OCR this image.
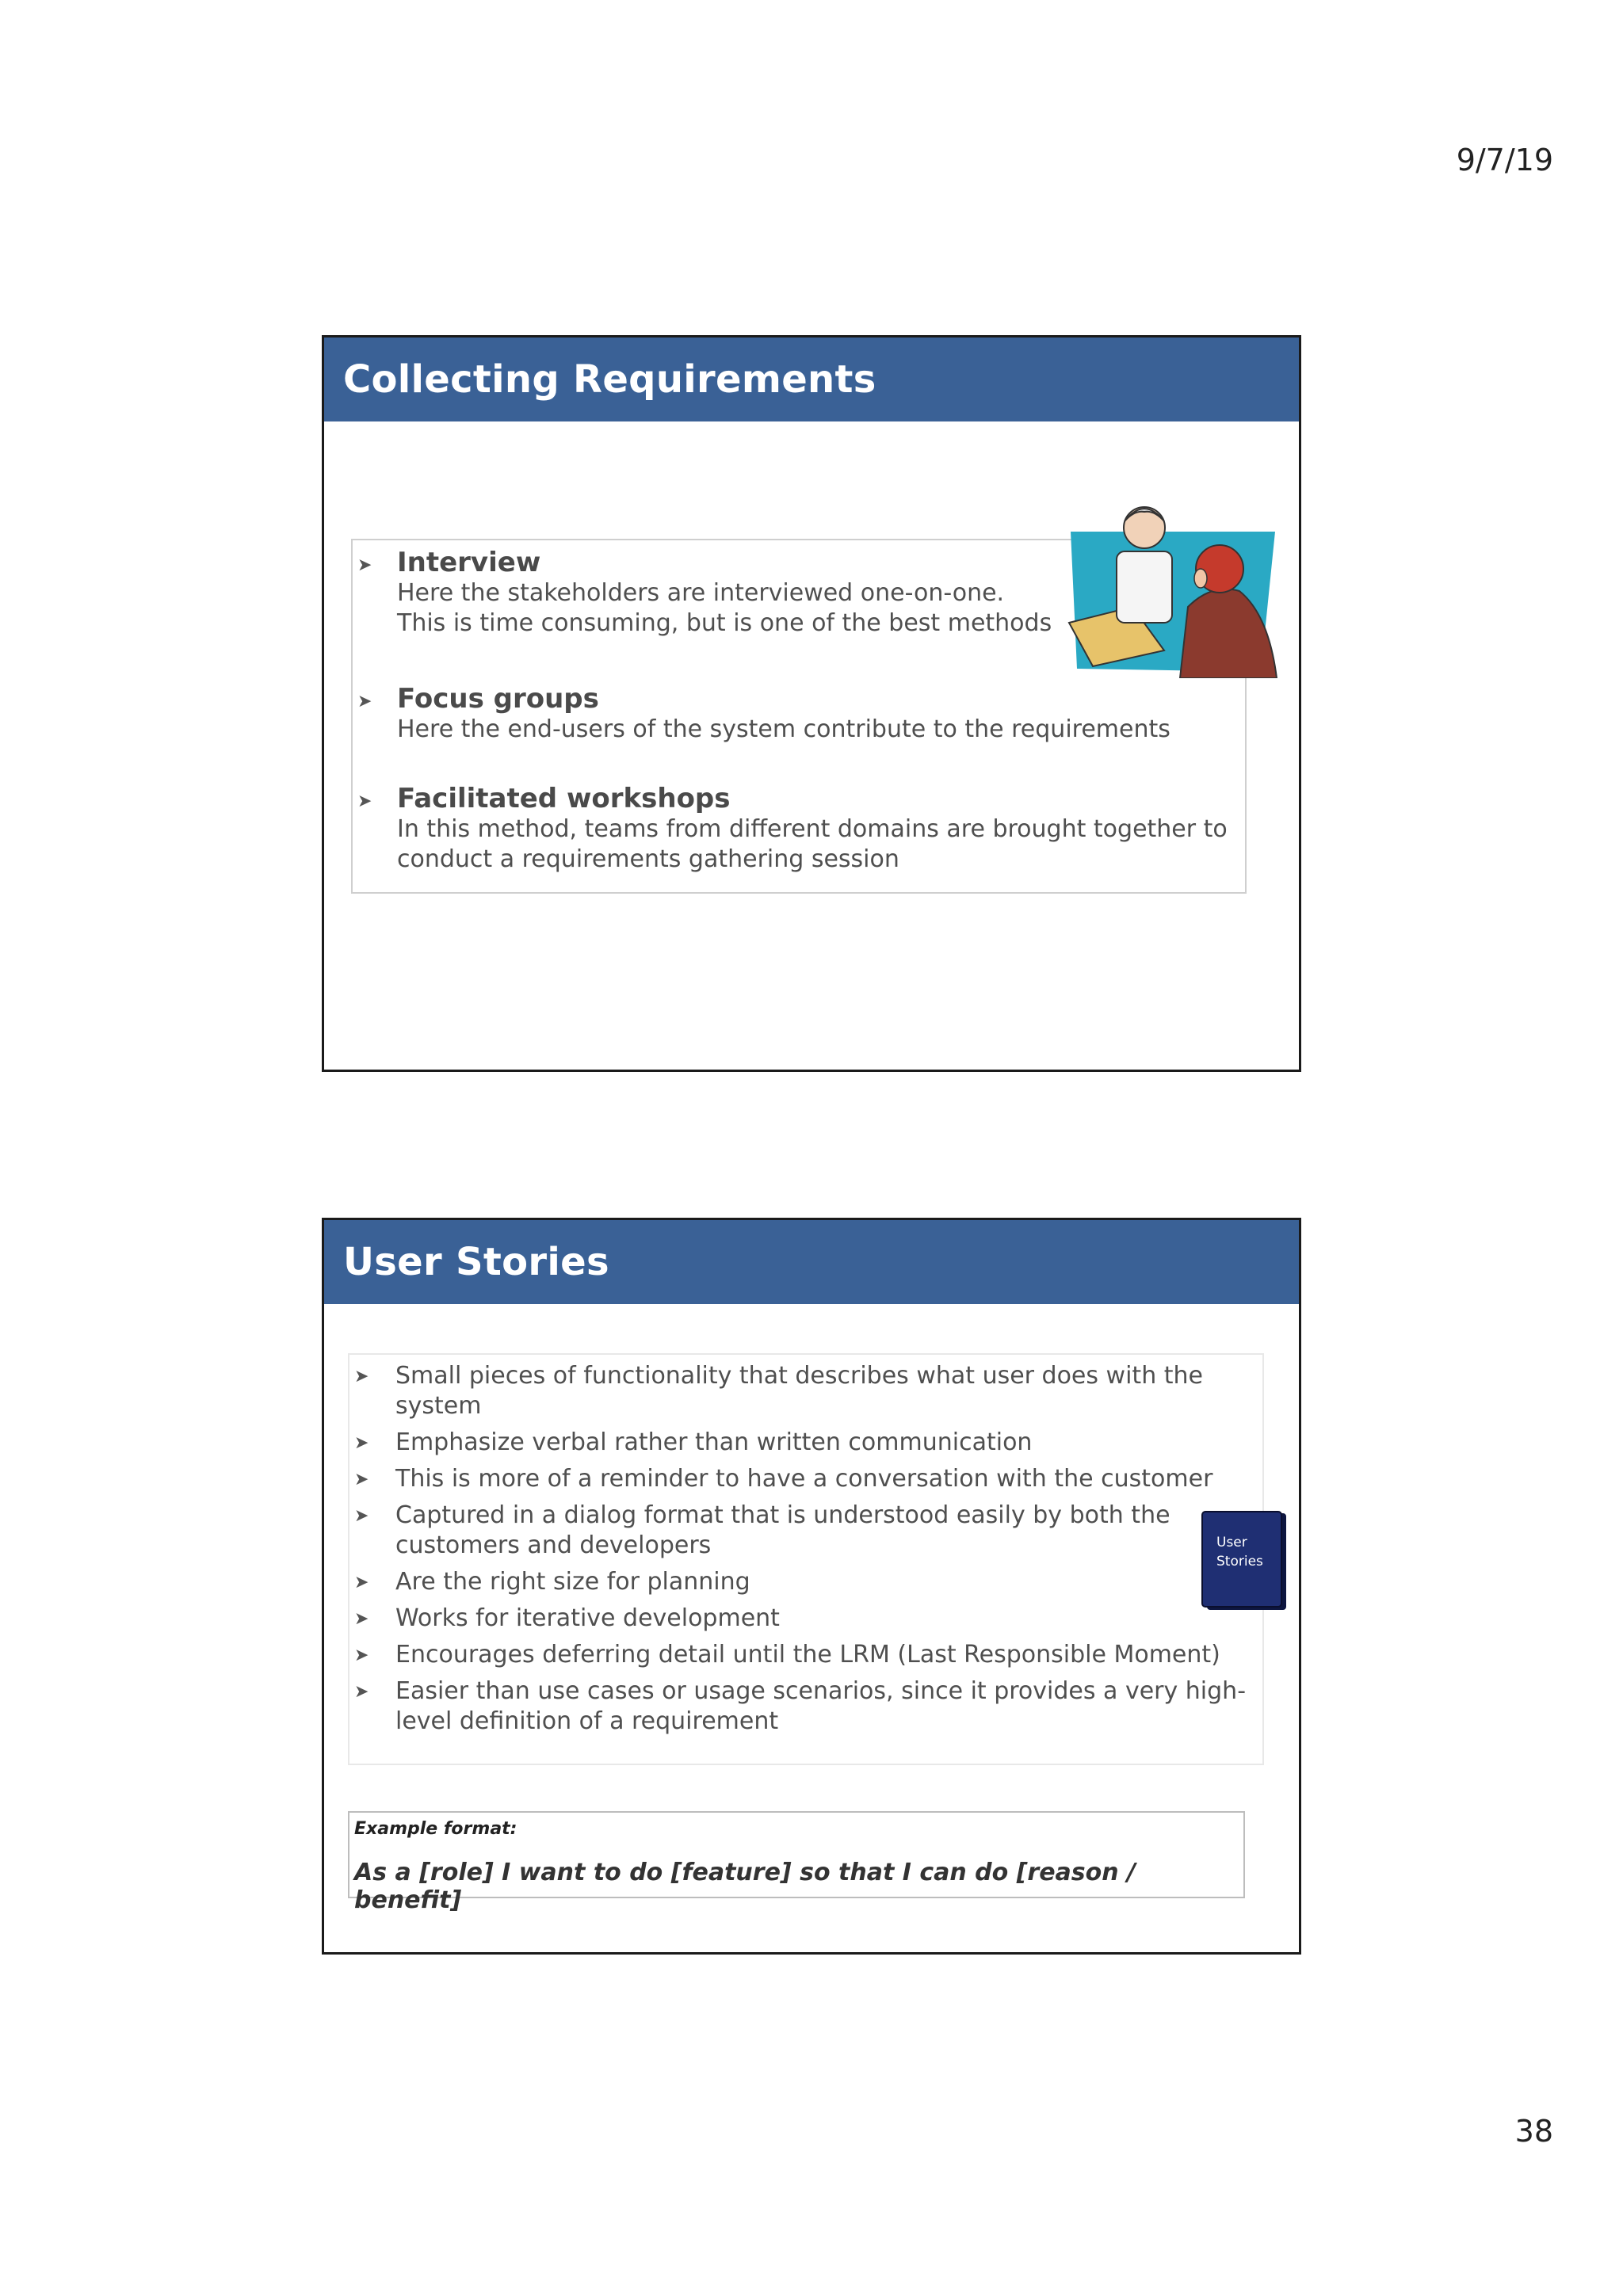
9/7/19
Collecting Requirements
➤ Interview
Here the stakeholders are interviewed one-on-one.
This is time consuming, but is one of the best methods
➤ Focus groups
Here the end-users of the system contribute to the requirements
➤ Facilitated workshops
In this method, teams from different domains are brought together to
conduct a requirements gathering session
User Stories
➤ Small pieces of functionality that describes what user does with the
system
➤ Emphasize verbal rather than written communication
➤ This is more of a reminder to have a conversation with the customer
➤ Captured in a dialog format that is understood easily by both the
customers and developers
➤ Are the right size for planning
➤ Works for iterative development
➤ Encourages deferring detail until the LRM (Last Responsible Moment)
➤ Easier than use cases or usage scenarios, since it provides a very high-
level definition of a requirement
User
Stories
Example format:
As a [role] I want to do [feature] so that I can do [reason / benefit]
38
